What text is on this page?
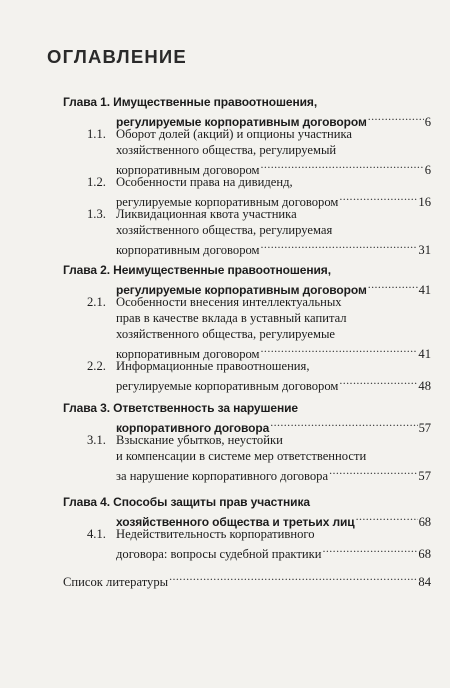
ОГЛАВЛЕНИЕ
Глава 1. Имущественные правоотношения,
регулируемые корпоративным договором .....	6
1.1. Оборот долей (акций) и опционы участника
хозяйственного общества, регулируемый
корпоративным договором .....	6
1.2. Особенности права на дивиденд,
регулируемые корпоративным договором .....	16
1.3. Ликвидационная квота участника
хозяйственного общества, регулируемая
корпоративным договором .....	31
Глава 2. Неимущественные правоотношения,
регулируемые корпоративным договором .....	41
2.1. Особенности внесения интеллектуальных
прав в качестве вклада в уставный капитал
хозяйственного общества, регулируемые
корпоративным договором .....	41
2.2. Информационные правоотношения,
регулируемые корпоративным договором .....	48
Глава 3. Ответственность за нарушение
корпоративного договора .....	57
3.1. Взыскание убытков, неустойки
и компенсации в системе мер ответственности
за нарушение корпоративного договора .....	57
Глава 4. Способы защиты прав участника
хозяйственного общества и третьих лиц .....	68
4.1. Недействительность корпоративного
договора: вопросы судебной практики .....	68
Список литературы .....	84
